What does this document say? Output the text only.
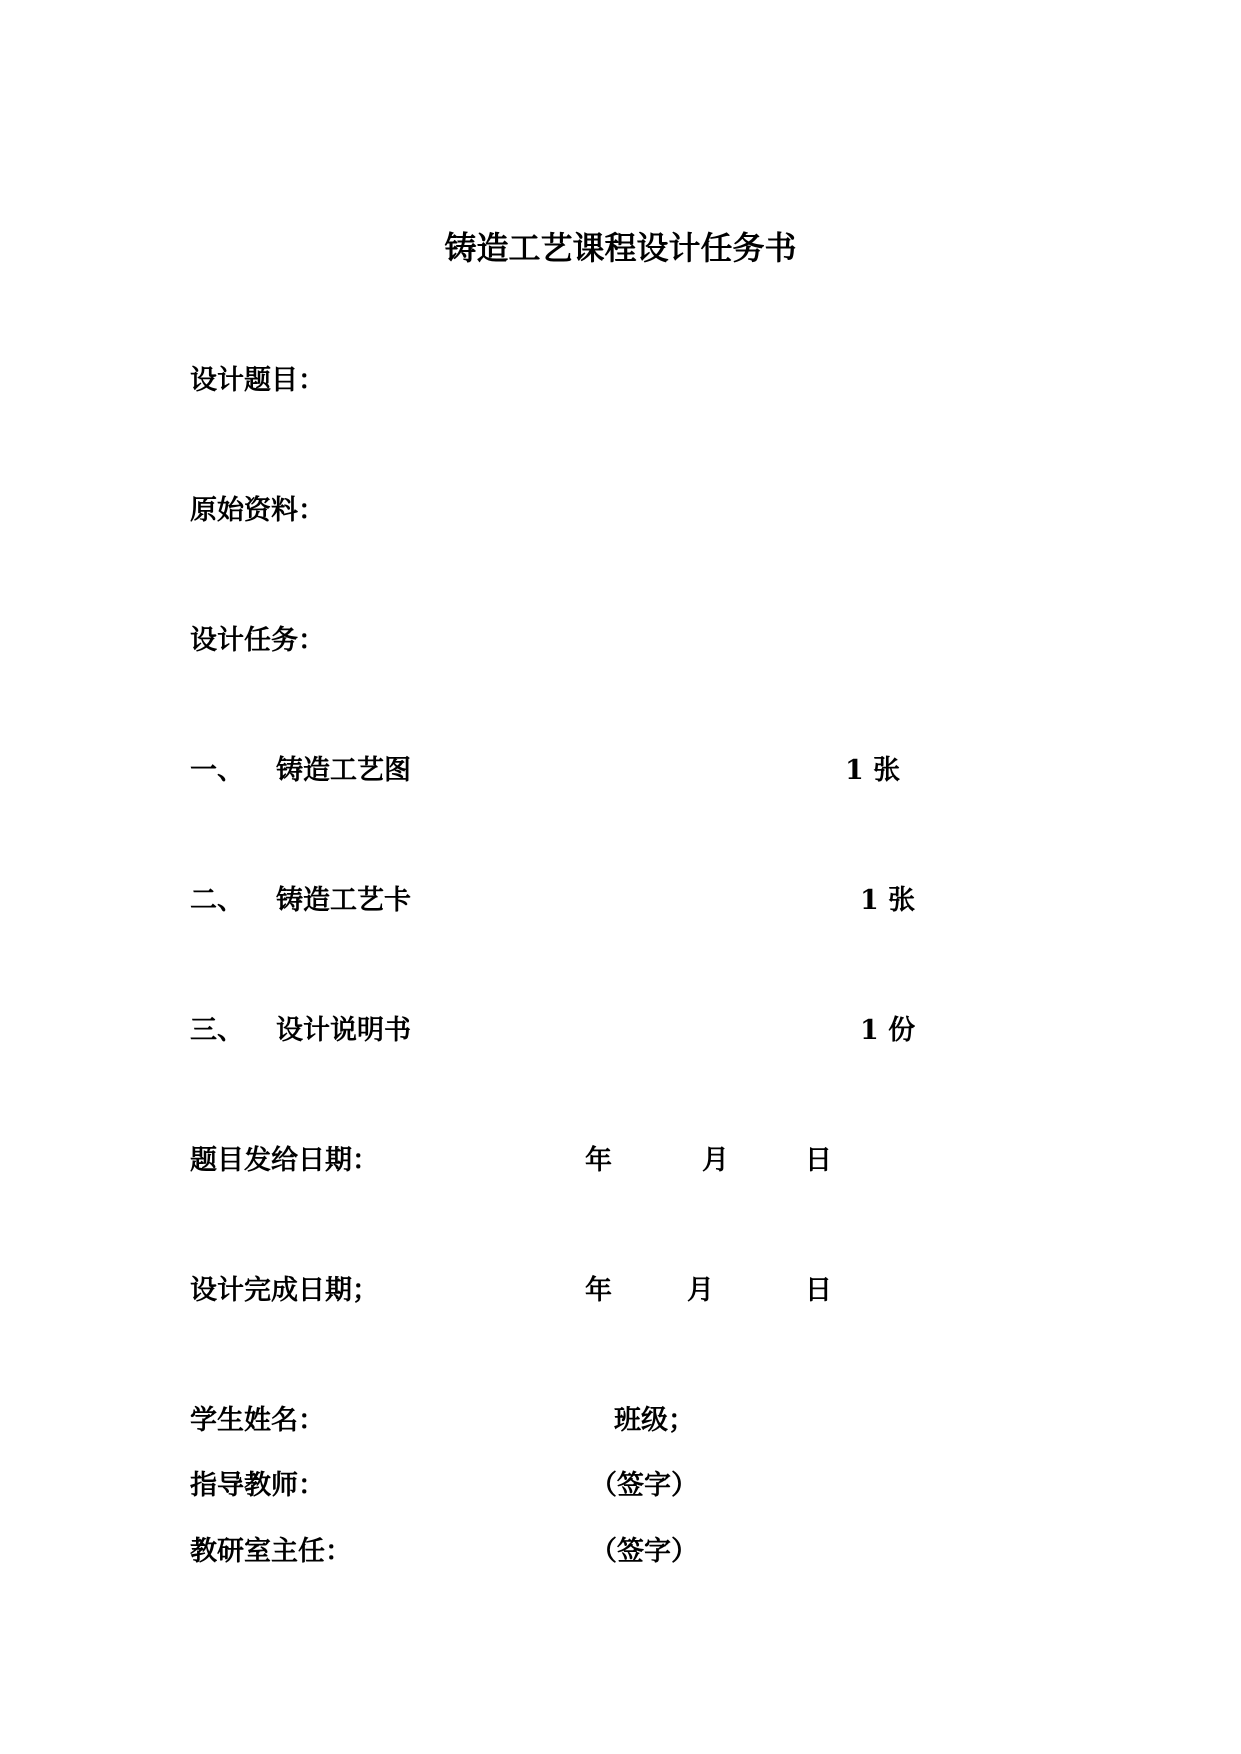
铸造工艺课程设计任务书
设计题目：
原始资料：
设计任务：
一、 铸造工艺图	1 张
二、 铸造工艺卡	1 张
三、 设计说明书	1 份
题目发给日期：	年	月	日
设计完成日期；	年	月	日
学生姓名：	班级；
指导教师：	（签字）
教研室主任：	（签字）
